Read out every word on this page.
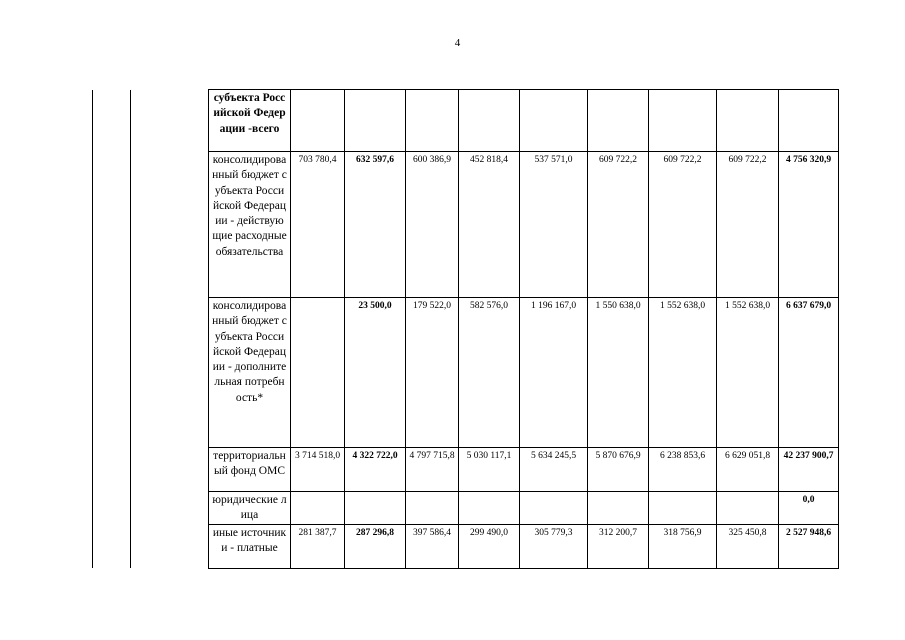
4
		субъекта Российской Федерации -всего									
		консолидированный бюджет субъекта Российской Федерации - действующие расходные обязательства	703 780,4	632 597,6	600 386,9	452 818,4	537 571,0	609 722,2	609 722,2	609 722,2	4 756 320,9
		консолидированный бюджет субъекта Российской Федерации - дополнительная потребность*		23 500,0	179 522,0	582 576,0	1 196 167,0	1 550 638,0	1 552 638,0	1 552 638,0	6 637 679,0
		территориальный фонд ОМС	3 714 518,0	4 322 722,0	4 797 715,8	5 030 117,1	5 634 245,5	5 870 676,9	6 238 853,6	6 629 051,8	42 237 900,7
		юридические лица									0,0
		иные источники - платные	281 387,7	287 296,8	397 586,4	299 490,0	305 779,3	312 200,7	318 756,9	325 450,8	2 527 948,6
